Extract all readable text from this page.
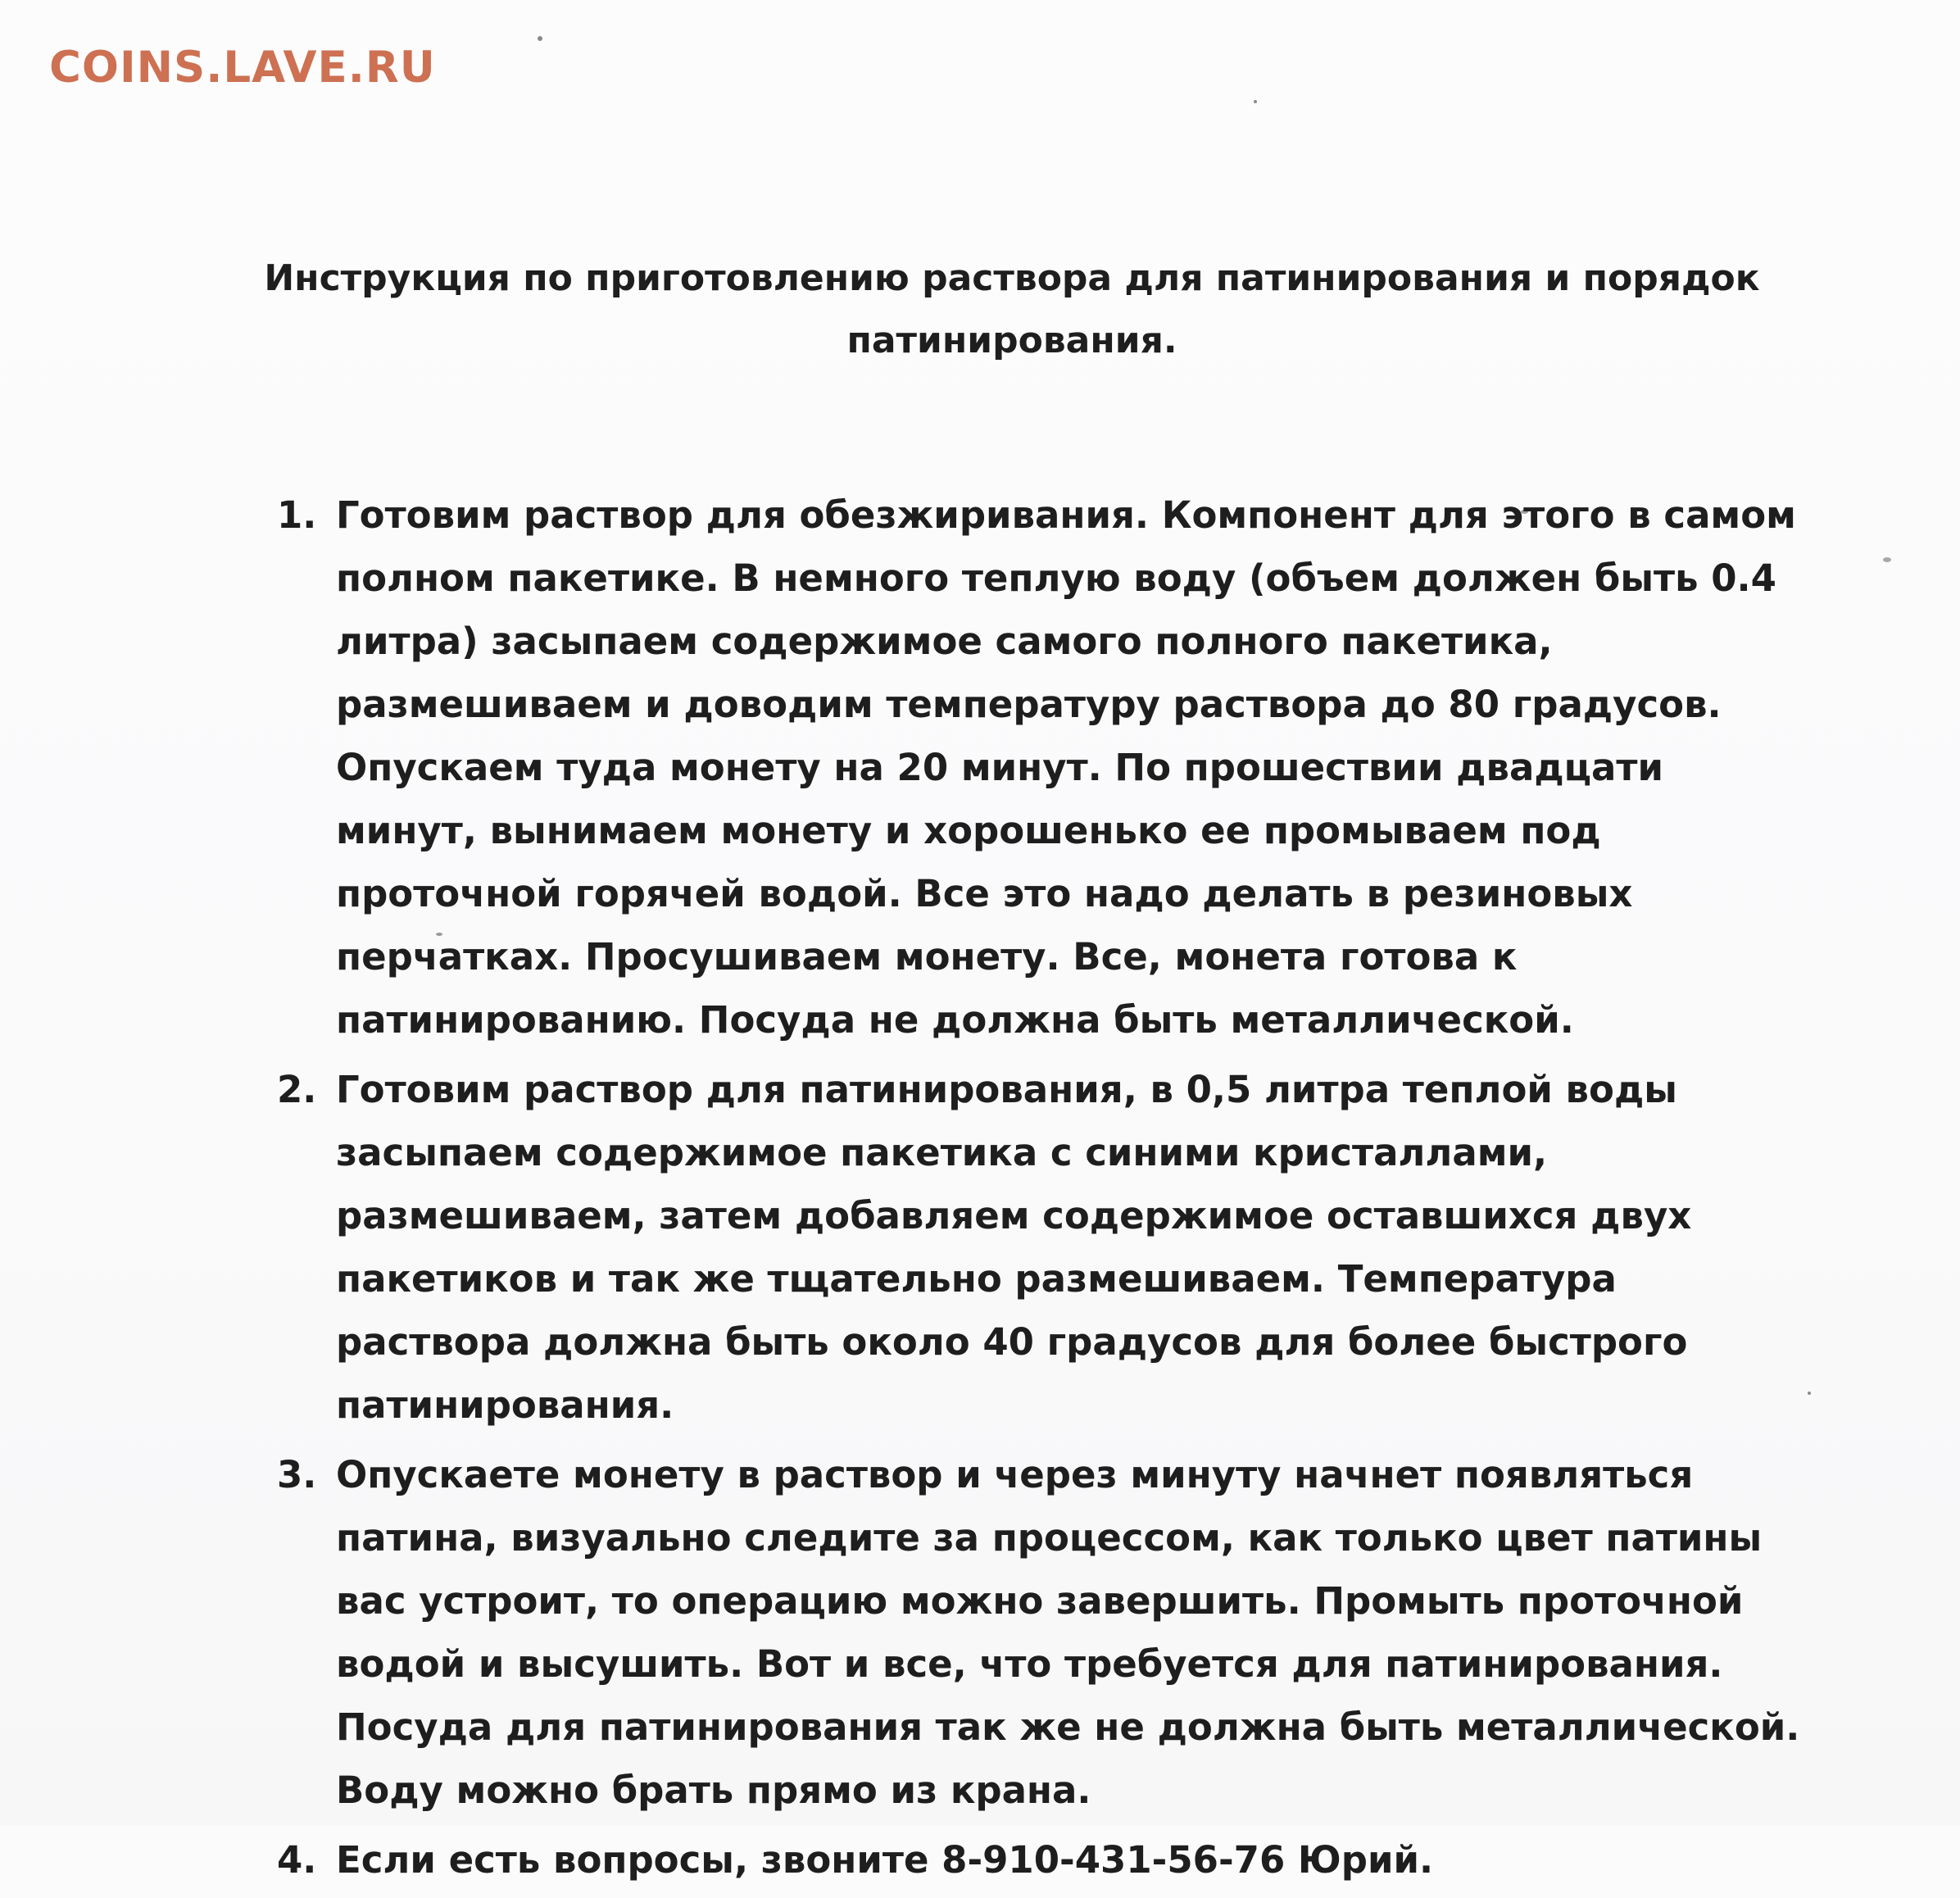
COINS.LAVE.RU
Инструкция по приготовлению раствора для патинирования и порядок патинирования.
1. Готовим раствор для обезжиривания. Компонент для этого в самом полном пакетике. В немного теплую воду (объем должен быть 0.4 литра) засыпаем содержимое самого полного пакетика, размешиваем и доводим температуру раствора до 80 градусов. Опускаем туда монету на 20 минут. По прошествии двадцати минут, вынимаем монету и хорошенько ее промываем под проточной горячей водой. Все это надо делать в резиновых перчатках. Просушиваем монету. Все, монета готова к патинированию. Посуда не должна быть металлической.
2. Готовим раствор для патинирования, в 0,5 литра теплой воды засыпаем содержимое пакетика с синими кристаллами, размешиваем, затем добавляем содержимое оставшихся двух пакетиков и так же тщательно размешиваем. Температура раствора должна быть около 40 градусов для более быстрого патинирования.
3. Опускаете монету в раствор и через минуту начнет появляться патина, визуально следите за процессом, как только цвет патины вас устроит, то операцию можно завершить. Промыть проточной водой и высушить. Вот и все, что требуется для патинирования. Посуда для патинирования так же не должна быть металлической. Воду можно брать прямо из крана.
4. Если есть вопросы, звоните 8-910-431-56-76 Юрий.
